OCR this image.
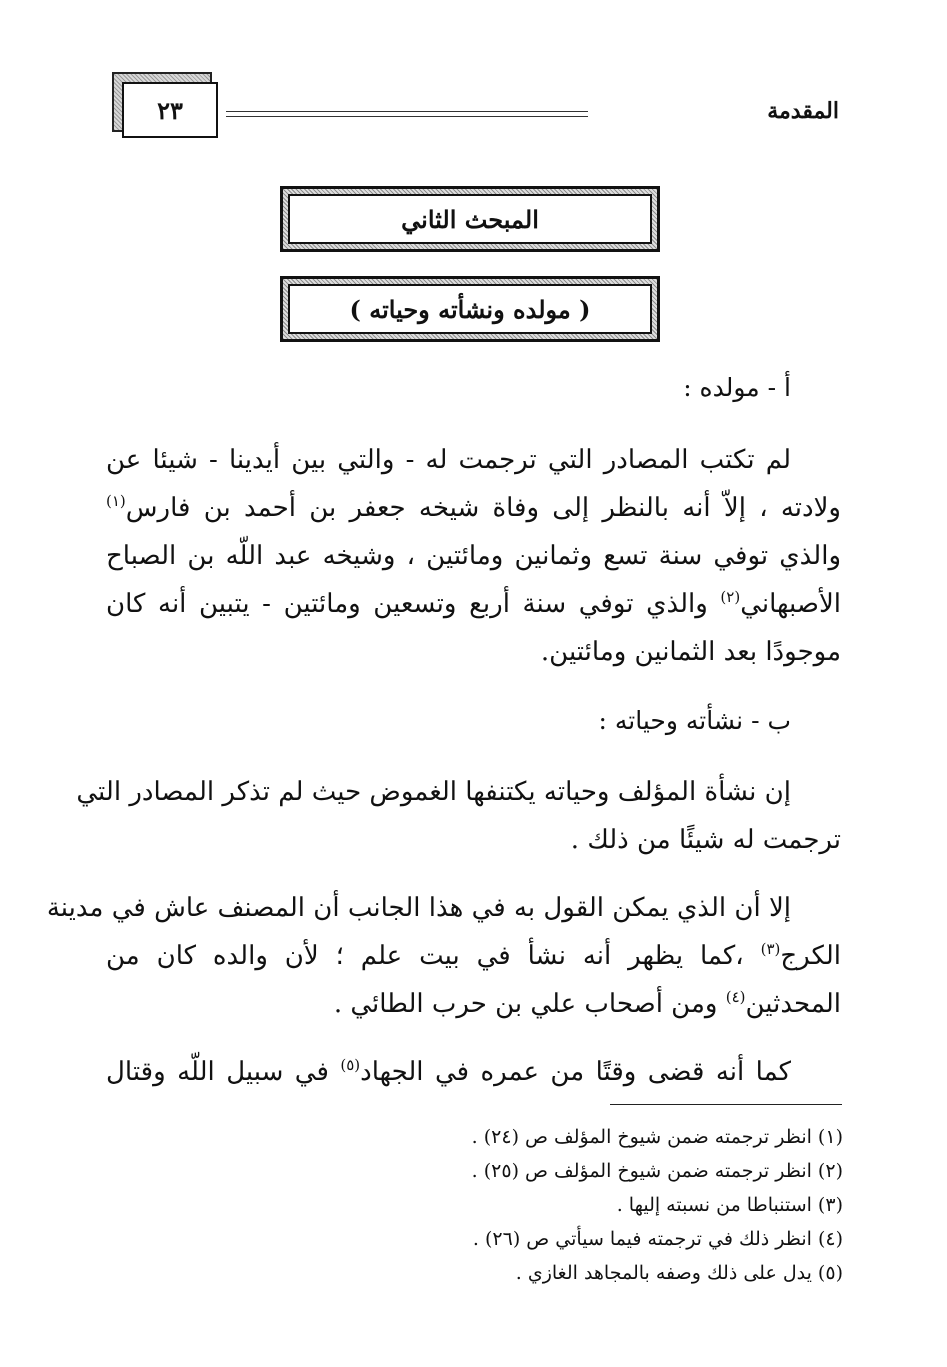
٢٣	المقدمة
المبحث الثاني
( مولده ونشأته وحياته )
أ - مولده :
لم تكتب المصادر التي ترجمت له - والتي بين أيدينا - شيئا عن
ولادته ، إلاّ أنه بالنظر إلى وفاة شيخه جعفر بن أحمد بن فارس$^{(١)}$
والذي توفي سنة تسع وثمانين ومائتين ، وشيخه عبد اللّه بن الصباح
الأصبهاني$^{(٢)}$ والذي توفي سنة أربع وتسعين ومائتين - يتبين أنه كان
موجودًا بعد الثمانين ومائتين.
ب - نشأته وحياته :
إن نشأة المؤلف وحياته يكتنفها الغموض حيث لم تذكر المصادر التي
ترجمت له شيئًا من ذلك .
إلا أن الذي يمكن القول به في هذا الجانب أن المصنف عاش في مدينة
الكرج$^{(٣)}$ ،كما يظهر أنه نشأ في بيت علم ؛ لأن والده كان من
المحدثين$^{(٤)}$ ومن أصحاب علي بن حرب الطائي .
كما أنه قضى وقتًا من عمره في الجهاد$^{(٥)}$ في سبيل اللّه وقتال
(١) انظر ترجمته ضمن شيوخ المؤلف ص (٢٤) .
(٢) انظر ترجمته ضمن شيوخ المؤلف ص (٢٥) .
(٣) استنباطا من نسبته إليها .
(٤) انظر ذلك في ترجمته فيما سيأتي ص (٢٦) .
(٥) يدل على ذلك وصفه بالمجاهد الغازي .
